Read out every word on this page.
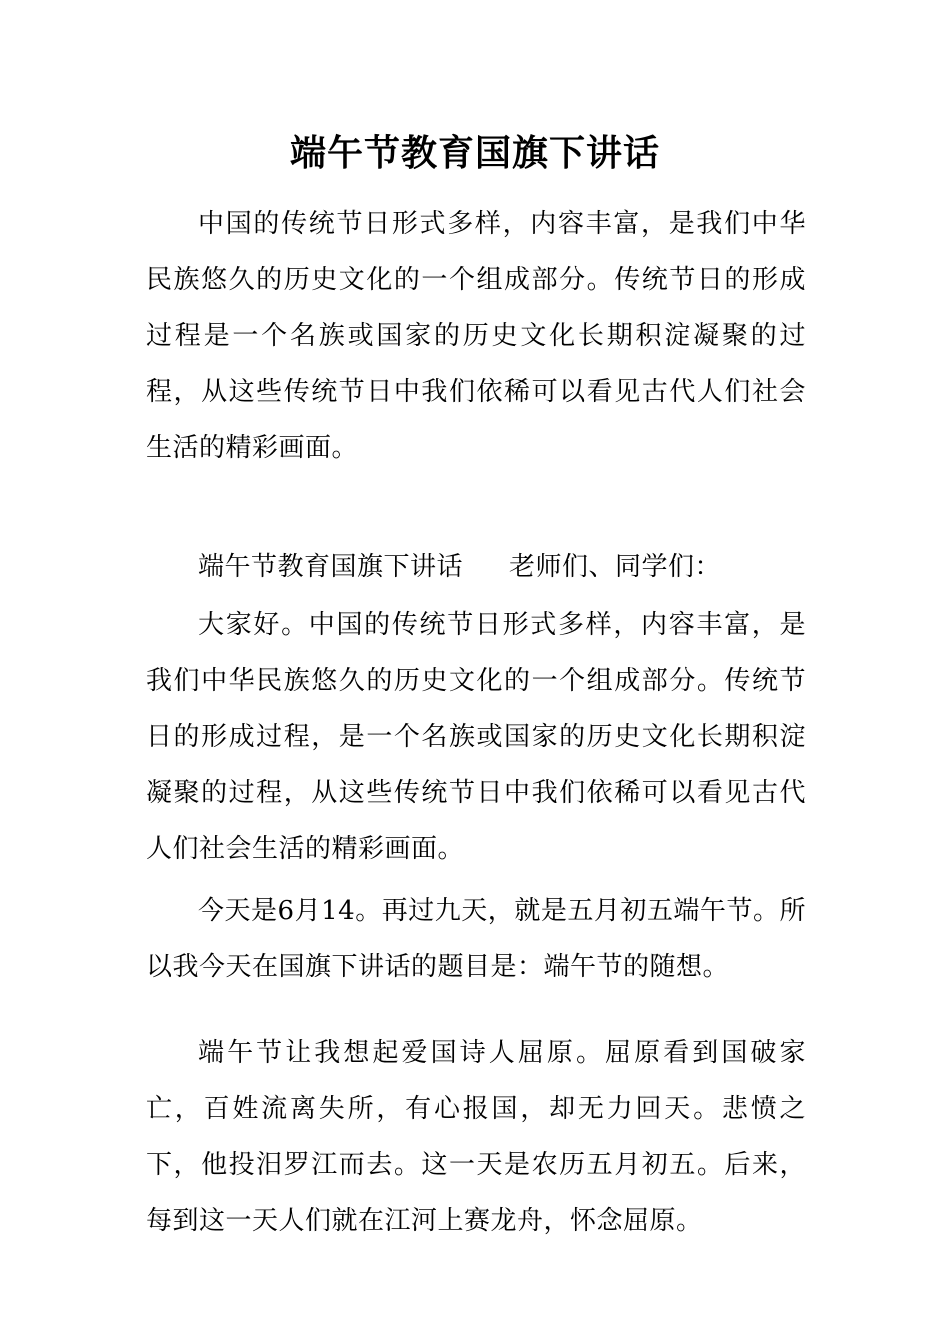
端午节教育国旗下讲话

中国的传统节日形式多样，内容丰富，是我们中华民族悠久的历史文化的一个组成部分。传统节日的形成过程是一个名族或国家的历史文化长期积淀凝聚的过程，从这些传统节日中我们依稀可以看见古代人们社会生活的精彩画面。

端午节教育国旗下讲话 老师们、同学们：

大家好。中国的传统节日形式多样，内容丰富，是我们中华民族悠久的历史文化的一个组成部分。传统节日的形成过程，是一个名族或国家的历史文化长期积淀凝聚的过程，从这些传统节日中我们依稀可以看见古代人们社会生活的精彩画面。

今天是6月14。再过九天，就是五月初五端午节。所以我今天在国旗下讲话的题目是：端午节的随想。

端午节让我想起爱国诗人屈原。屈原看到国破家亡，百姓流离失所，有心报国，却无力回天。悲愤之下，他投汨罗江而去。这一天是农历五月初五。后来，每到这一天人们就在江河上赛龙舟，怀念屈原。
